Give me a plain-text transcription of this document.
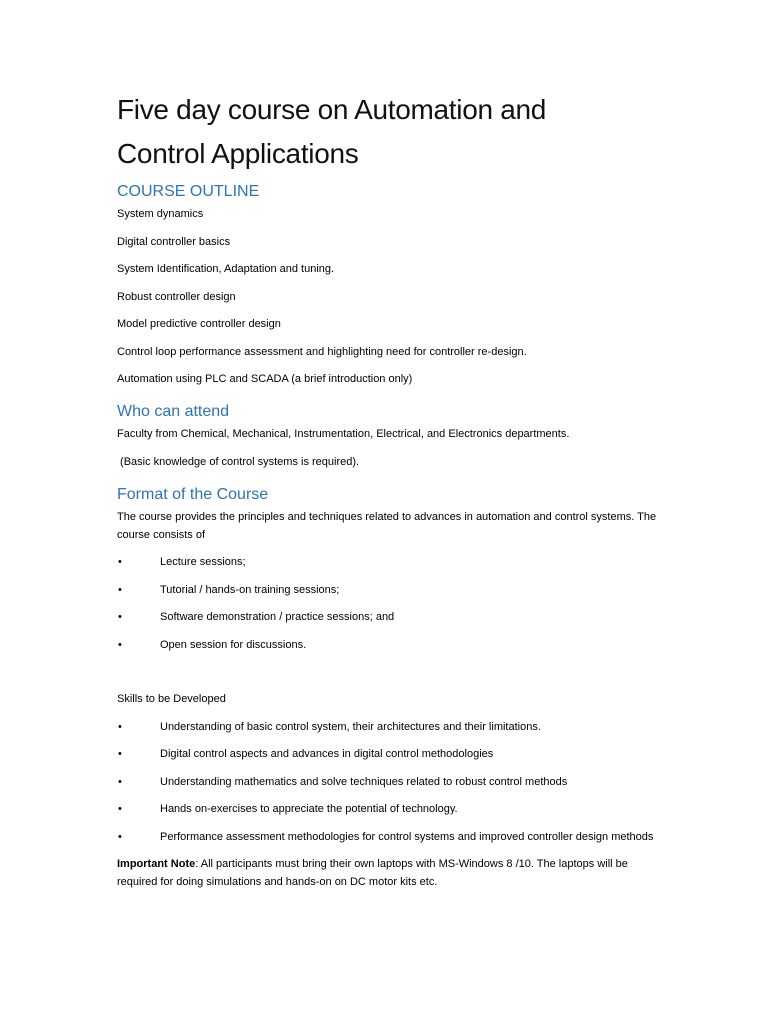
Five day course on Automation and
Control Applications
COURSE OUTLINE
System dynamics
Digital controller basics
System Identification, Adaptation and tuning.
Robust controller design
Model predictive controller design
Control loop performance assessment and highlighting need for controller re-design.
Automation using PLC and SCADA (a brief introduction only)
Who can attend
Faculty from Chemical, Mechanical, Instrumentation, Electrical, and Electronics departments.
(Basic knowledge of control systems is required).
Format of the Course
The course provides the principles and techniques related to advances in automation and control systems. The course consists of
•	Lecture sessions;
•	Tutorial / hands-on training sessions;
•	Software demonstration / practice sessions; and
•	Open session for discussions.
Skills to be Developed
•	Understanding of basic control system, their architectures and their limitations.
•	Digital control aspects and advances in digital control methodologies
•	Understanding mathematics and solve techniques related to robust control methods
•	Hands on-exercises to appreciate the potential of technology.
•	Performance assessment methodologies for control systems and improved controller design methods
Important Note: All participants must bring their own laptops with MS-Windows 8 /10. The laptops will be required for doing simulations and hands-on on DC motor kits etc.
